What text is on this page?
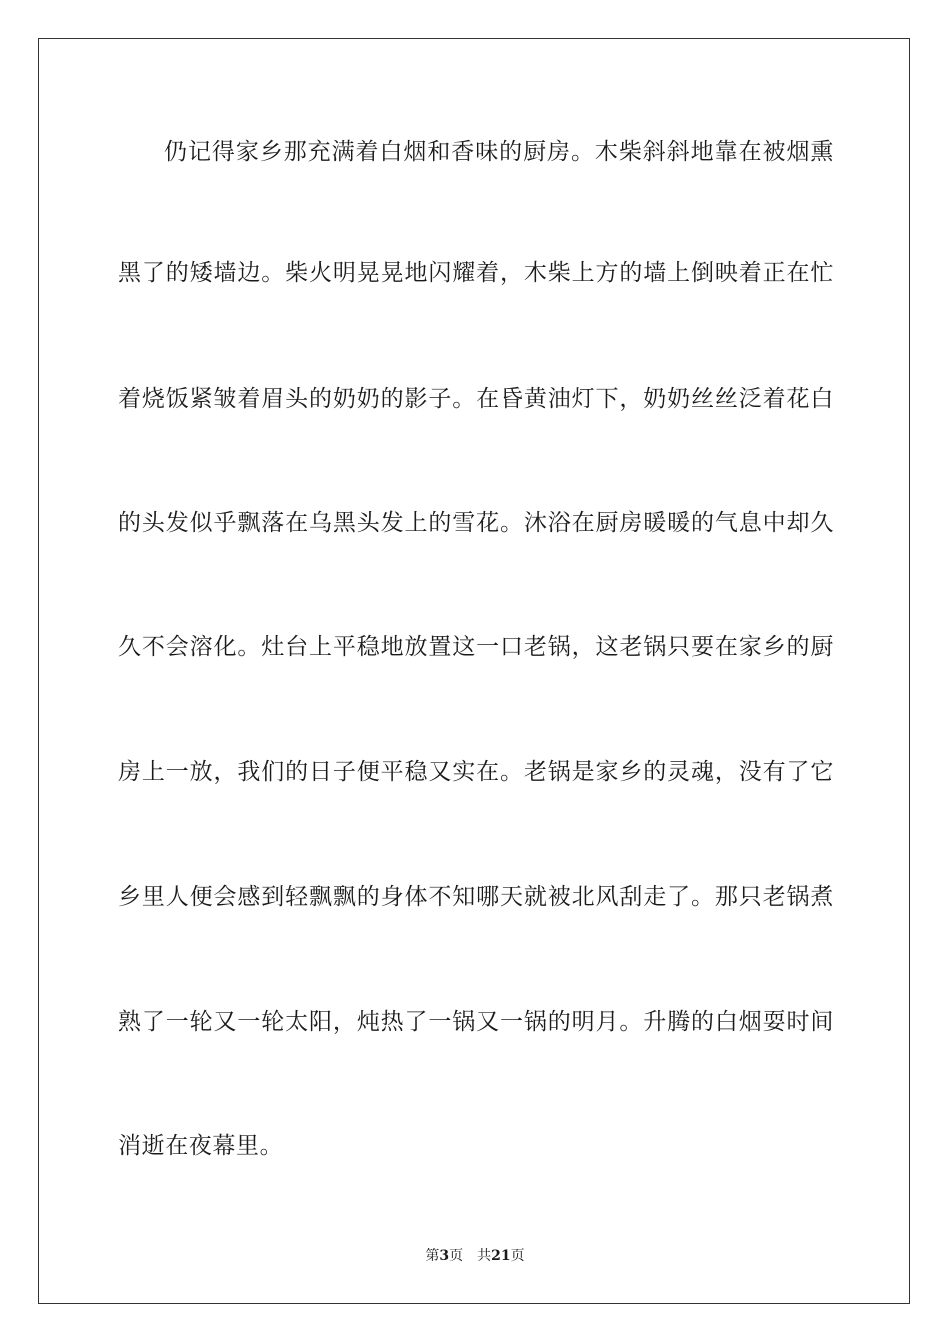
仍记得家乡那充满着白烟和香味的厨房。木柴斜斜地靠在被烟熏
黑了的矮墙边。柴火明晃晃地闪耀着，木柴上方的墙上倒映着正在忙
着烧饭紧皱着眉头的奶奶的影子。在昏黄油灯下，奶奶丝丝泛着花白
的头发似乎飘落在乌黑头发上的雪花。沐浴在厨房暖暖的气息中却久
久不会溶化。灶台上平稳地放置这一口老锅，这老锅只要在家乡的厨
房上一放，我们的日子便平稳又实在。老锅是家乡的灵魂，没有了它
乡里人便会感到轻飘飘的身体不知哪天就被北风刮走了。那只老锅煮
熟了一轮又一轮太阳，炖热了一锅又一锅的明月。升腾的白烟耍时间
消逝在夜幕里。
第3页 共21页
